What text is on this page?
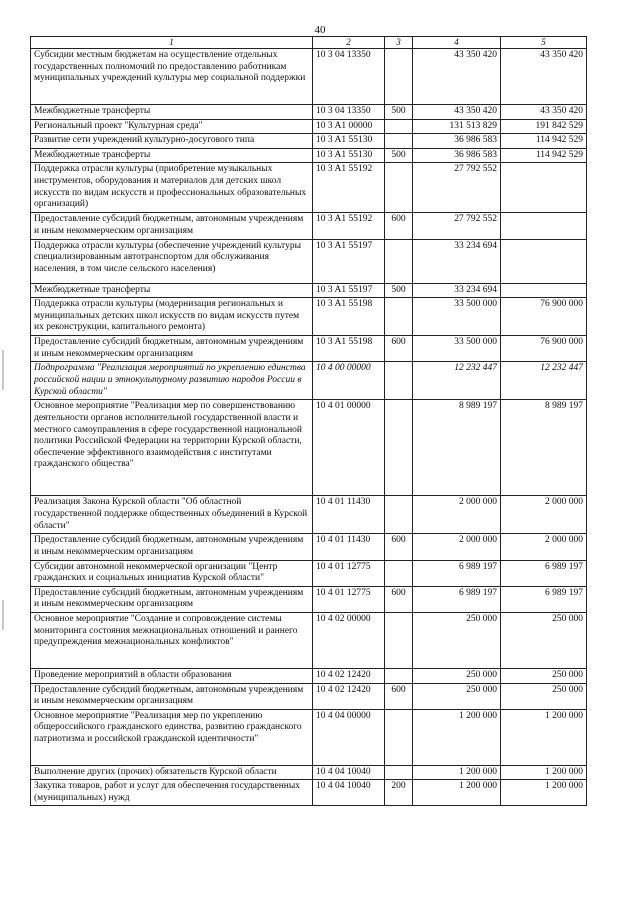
40
1	2	3	4	5
Субсидии местным бюджетам на осуществление отдельных государственных полномочий по предоставлению работникам муниципальных учреждений культуры мер социальной поддержки	10 3 04 13350		43 350 420	43 350 420
Межбюджетные трансферты	10 3 04 13350	500	43 350 420	43 350 420
Региональный проект "Культурная среда"	10 3 A1 00000		131 513 829	191 842 529
Развитие сети учреждений культурно-досугового типа	10 3 A1 55130		36 986 583	114 942 529
Межбюджетные трансферты	10 3 A1 55130	500	36 986 583	114 942 529
Поддержка отрасли культуры (приобретение музыкальных инструментов, оборудования и материалов для детских школ искусств по видам искусств и профессиональных образовательных организаций)	10 3 A1 55192		27 792 552	
Предоставление субсидий бюджетным, автономным учреждениям и иным некоммерческим организациям	10 3 A1 55192	600	27 792 552	
Поддержка отрасли культуры (обеспечение учреждений культуры специализированным автотранспортом для обслуживания населения, в том числе сельского населения)	10 3 A1 55197		33 234 694	
Межбюджетные трансферты	10 3 A1 55197	500	33 234 694	
Поддержка отрасли культуры (модернизация региональных и муниципальных детских школ искусств по видам искусств путем их реконструкции, капитального ремонта)	10 3 A1 55198		33 500 000	76 900 000
Предоставление субсидий бюджетным, автономным учреждениям и иным некоммерческим организациям	10 3 A1 55198	600	33 500 000	76 900 000
Подпрограмма "Реализация мероприятий по укреплению единства российской нации и этнокультурному развитию народов России в Курской области"	10 4 00 00000		12 232 447	12 232 447
Основное мероприятие "Реализация мер по совершенствованию деятельности органов исполнительной государственной власти и местного самоуправления в сфере государственной национальной политики Российской Федерации на территории Курской области, обеспечение эффективного взаимодействия с институтами гражданского общества"	10 4 01 00000		8 989 197	8 989 197
Реализация Закона Курской области "Об областной государственной поддержке общественных объединений в Курской области"	10 4 01 11430		2 000 000	2 000 000
Предоставление субсидий бюджетным, автономным учреждениям и иным некоммерческим организациям	10 4 01 11430	600	2 000 000	2 000 000
Субсидии автономной некоммерческой организации "Центр гражданских и социальных инициатив Курской области"	10 4 01 12775		6 989 197	6 989 197
Предоставление субсидий бюджетным, автономным учреждениям и иным некоммерческим организациям	10 4 01 12775	600	6 989 197	6 989 197
Основное мероприятие "Создание и сопровождение системы мониторинга состояния межнациональных отношений и раннего предупреждения межнациональных конфликтов"	10 4 02 00000		250 000	250 000
Проведение мероприятий в области образования	10 4 02 12420		250 000	250 000
Предоставление субсидий бюджетным, автономным учреждениям и иным некоммерческим организациям	10 4 02 12420	600	250 000	250 000
Основное мероприятие "Реализация мер по укреплению общероссийского гражданского единства, развитию гражданского патриотизма и российской гражданской идентичности"	10 4 04 00000		1 200 000	1 200 000
Выполнение других (прочих) обязательств Курской области	10 4 04 10040		1 200 000	1 200 000
Закупка товаров, работ и услуг для обеспечения государственных (муниципальных) нужд	10 4 04 10040	200	1 200 000	1 200 000
